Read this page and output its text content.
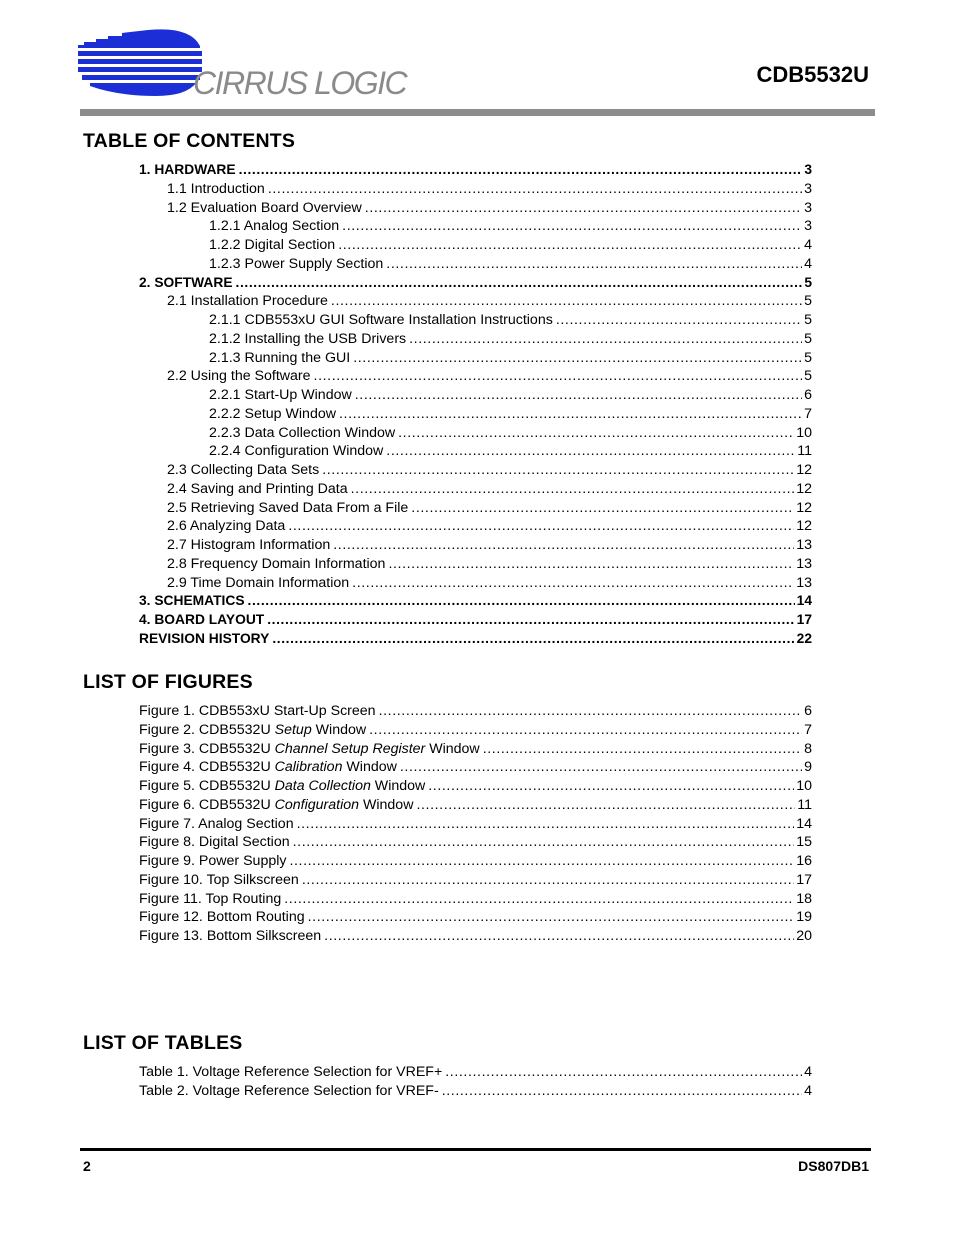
CIRRUS LOGIC	CDB5532U
TABLE OF CONTENTS
1. HARDWARE .....	3
1.1 Introduction .....	3
1.2 Evaluation Board Overview .....	3
1.2.1 Analog Section .....	3
1.2.2 Digital Section .....	4
1.2.3 Power Supply Section .....	4
2. SOFTWARE .....	5
2.1 Installation Procedure .....	5
2.1.1 CDB553xU GUI Software Installation Instructions .....	5
2.1.2 Installing the USB Drivers .....	5
2.1.3 Running the GUI .....	5
2.2 Using the Software .....	5
2.2.1 Start-Up Window .....	6
2.2.2 Setup Window .....	7
2.2.3 Data Collection Window .....	10
2.2.4 Configuration Window .....	11
2.3 Collecting Data Sets .....	12
2.4 Saving and Printing Data .....	12
2.5 Retrieving Saved Data From a File .....	12
2.6 Analyzing Data .....	12
2.7 Histogram Information .....	13
2.8 Frequency Domain Information .....	13
2.9 Time Domain Information .....	13
3. SCHEMATICS .....	14
4. BOARD LAYOUT .....	17
REVISION HISTORY .....	22
LIST OF FIGURES
Figure 1. CDB553xU Start-Up Screen .....	6
Figure 2. CDB5532U Setup Window .....	7
Figure 3. CDB5532U Channel Setup Register Window .....	8
Figure 4. CDB5532U Calibration Window .....	9
Figure 5. CDB5532U Data Collection Window .....	10
Figure 6. CDB5532U Configuration Window .....	11
Figure 7. Analog Section .....	14
Figure 8. Digital Section .....	15
Figure 9. Power Supply .....	16
Figure 10. Top Silkscreen .....	17
Figure 11. Top Routing .....	18
Figure 12. Bottom Routing .....	19
Figure 13. Bottom Silkscreen .....	20
LIST OF TABLES
Table 1. Voltage Reference Selection for VREF+ .....	4
Table 2. Voltage Reference Selection for VREF- .....	4
2	DS807DB1
